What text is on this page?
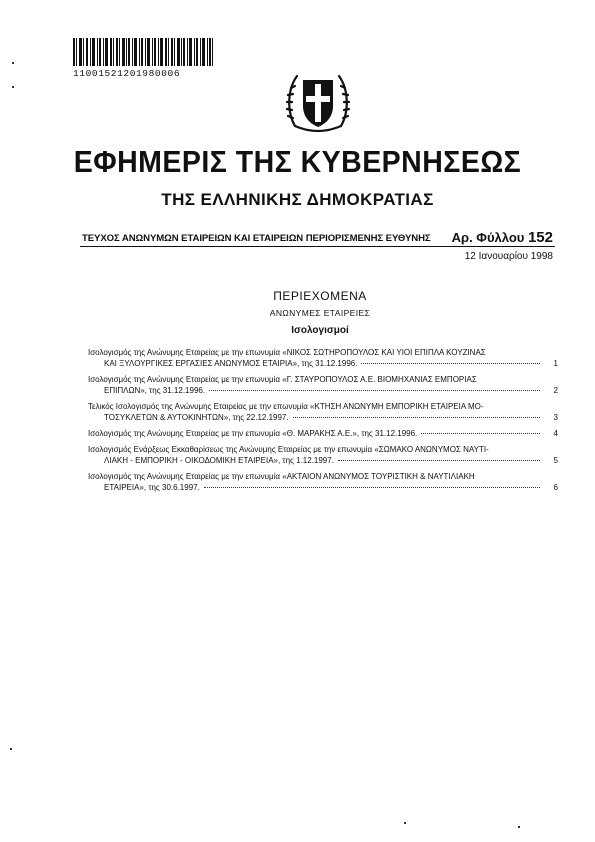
11001521201980006
ΕΦΗΜΕΡΙΣ ΤΗΣ ΚΥΒΕΡΝΗΣΕΩΣ
ΤΗΣ ΕΛΛΗΝΙΚΗΣ ΔΗΜΟΚΡΑΤΙΑΣ
ΤΕΥΧΟΣ ΑΝΩΝΥΜΩΝ ΕΤΑΙΡΕΙΩΝ ΚΑΙ ΕΤΑΙΡΕΙΩΝ ΠΕΡΙΟΡΙΣΜΕΝΗΣ ΕΥΘΥΝΗΣ Αρ. Φύλλου 152
12 Ιανουαρίου 1998
ΠΕΡΙΕΧΟΜΕΝΑ
ΑΝΩΝΥΜΕΣ ΕΤΑΙΡΕΙΕΣ
Ισολογισμοί
Ισολογισμός της Ανώνυμης Εταιρείας με την επωνυμία «ΝΙΚΟΣ ΣΩΤΗΡΟΠΟΥΛΟΣ ΚΑΙ ΥΙΟΙ ΕΠΙΠΛΑ ΚΟΥΖΙΝΑΣ
ΚΑΙ ΞΥΛΟΥΡΓΙΚΕΣ ΕΡΓΑΣΙΕΣ ΑΝΩΝΥΜΟΣ ΕΤΑΙΡΙΑ», της 31.12.1996.	1
Ισολογισμός της Ανώνυμης Εταιρείας με την επωνυμία «Γ. ΣΤΑΥΡΟΠΟΥΛΟΣ Α.Ε. ΒΙΟΜΗΧΑΝΙΑΣ ΕΜΠΟΡΙΑΣ
ΕΠΙΠΛΩΝ», της 31.12.1996.	2
Τελικός Ισολογισμός της Ανώνυμης Εταιρείας με την επωνυμία «ΚΤΗΣΗ ΑΝΩΝΥΜΗ ΕΜΠΟΡΙΚΗ ΕΤΑΙΡΕΙΑ ΜΟ-
ΤΟΣΥΚΛΕΤΩΝ & ΑΥΤΟΚΙΝΗΤΩΝ», της 22.12.1997.	3
Ισολογισμός της Ανώνυμης Εταιρείας με την επωνυμία «Θ. ΜΑΡΑΚΗΣ Α.Ε.», της 31.12.1996.	4
Ισολογισμός Ενάρξεως Εκκαθαρίσεως της Ανώνυμης Εταιρείας με την επωνυμία «ΣΩΜΑΚΟ ΑΝΩΝΥΜΟΣ ΝΑΥΤΙ-
ΛΙΑΚΗ - ΕΜΠΟΡΙΚΗ - ΟΙΚΟΔΟΜΙΚΗ ΕΤΑΙΡΕΙΑ», της 1.12.1997.	5
Ισολογισμός της Ανώνυμης Εταιρείας με την επωνυμία «ΑΚΤΑΙΟΝ ΑΝΩΝΥΜΟΣ ΤΟΥΡΙΣΤΙΚΗ & ΝΑΥΤΙΛΙΑΚΗ
ΕΤΑΙΡΕΙΑ», της 30.6.1997.	6
